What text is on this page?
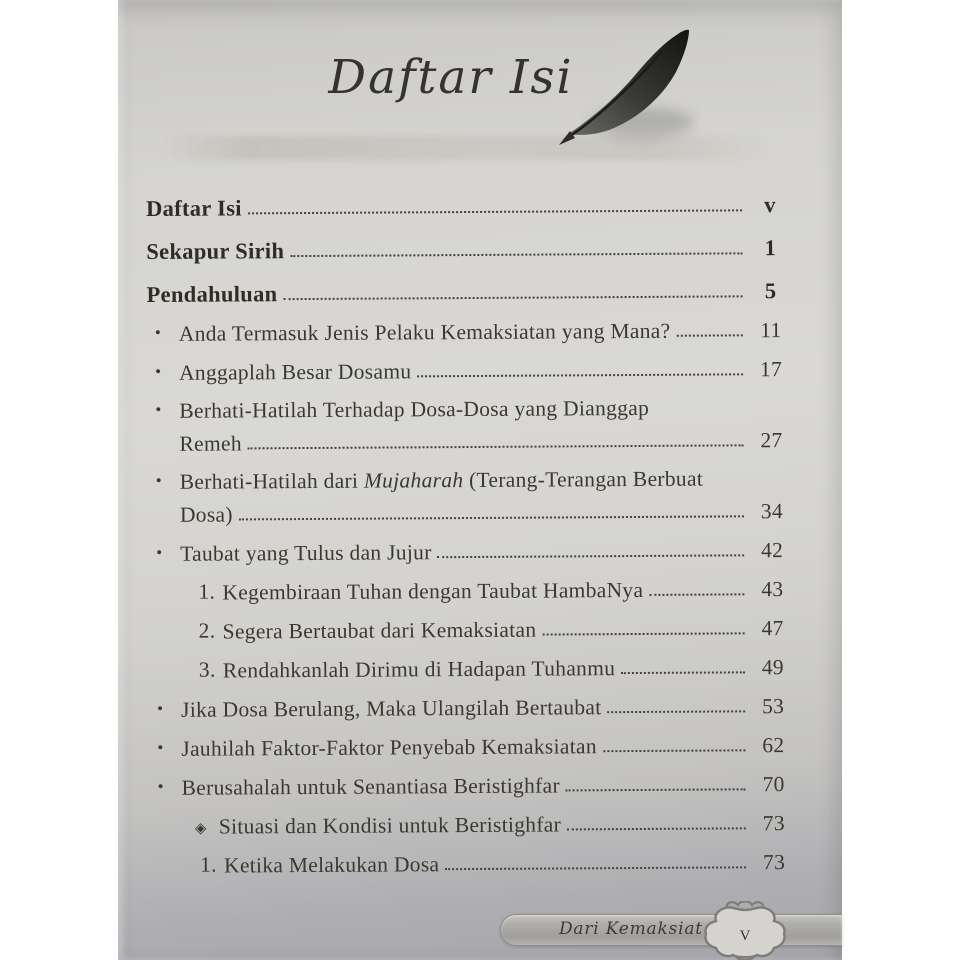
Daftar Isi
Daftar Isi	v
Sekapur Sirih	1
Pendahuluan	5
• Anda Termasuk Jenis Pelaku Kemaksiatan yang Mana?	11
• Anggaplah Besar Dosamu	17
• Berhati-Hatilah Terhadap Dosa-Dosa yang Dianggap
Remeh	27
• Berhati-Hatilah dari Mujaharah (Terang-Terangan Berbuat
Dosa)	34
• Taubat yang Tulus dan Jujur	42
1. Kegembiraan Tuhan dengan Taubat HambaNya	43
2. Segera Bertaubat dari Kemaksiatan	47
3. Rendahkanlah Dirimu di Hadapan Tuhanmu	49
• Jika Dosa Berulang, Maka Ulangilah Bertaubat	53
• Jauhilah Faktor-Faktor Penyebab Kemaksiatan	62
• Berusahalah untuk Senantiasa Beristighfar	70
◈ Situasi dan Kondisi untuk Beristighfar	73
1. Ketika Melakukan Dosa	73
Dari Kemaksiat v
